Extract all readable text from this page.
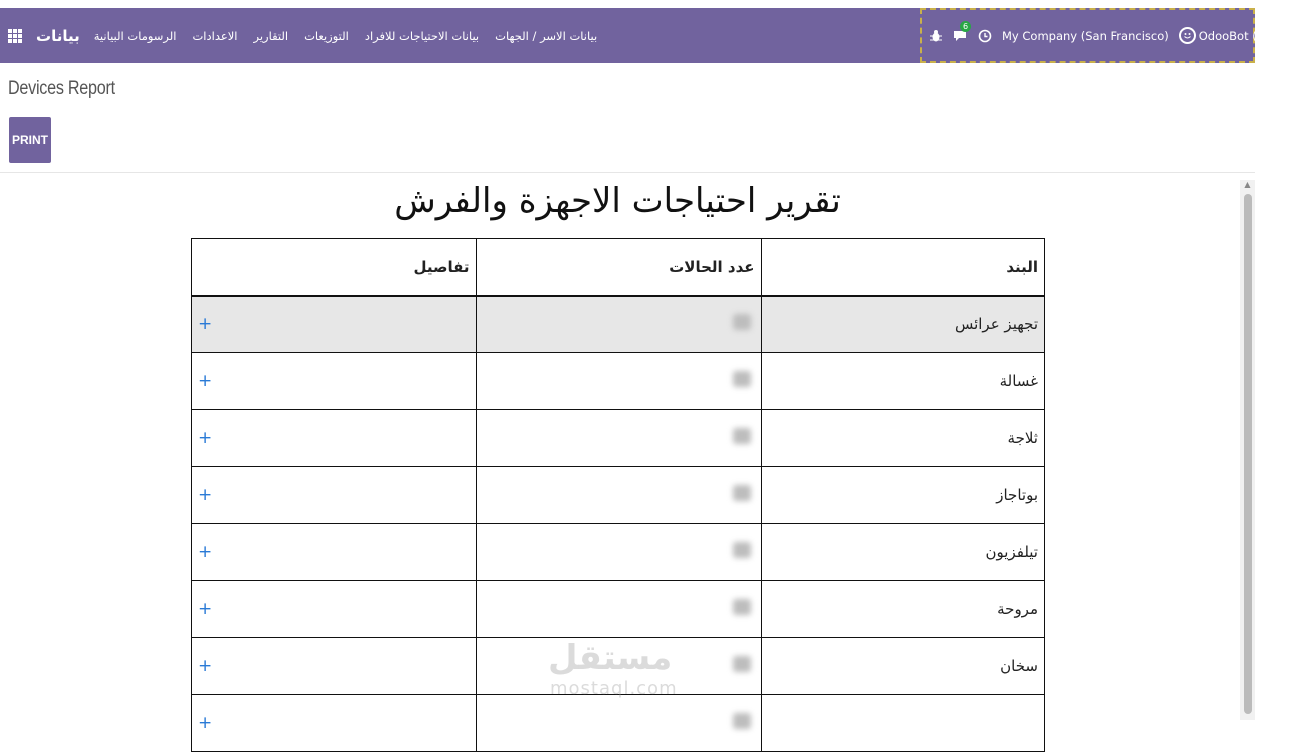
بيانات	بيانات الاسر / الجهات
بيانات الاحتياجات للافراد
التوزيعات
التقارير
الاعدادات
الرسومات البيانية
6
My Company (San Francisco)	OdooBot (odoo16)
Devices Report
PRINT
تقرير احتياجات الاجهزة والفرش
البند	عدد الحالات	تفاصيل
تجهيز عرائس		+
غسالة		+
ثلاجة		+
بوتاجاز		+
تيلفزيون		+
مروحة		+
سخان		+
		+
▲
مستقل
mostaql.com
